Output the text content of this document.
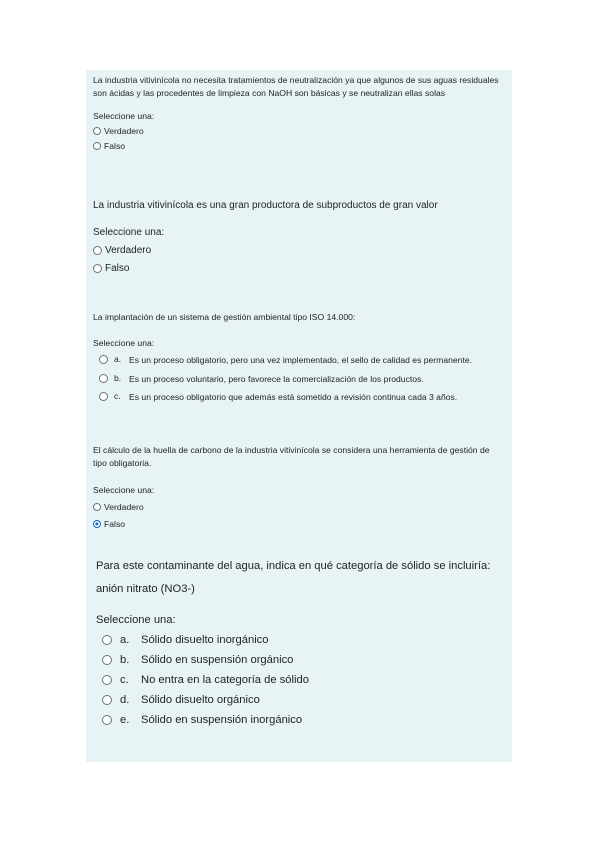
La industria vitivinícola no necesita tratamientos de neutralización ya que algunos de sus aguas residuales son ácidas y las procedentes de limpieza con NaOH son básicas y se neutralizan ellas solas

Seleccione una:

Verdadero
Falso

La industria vitivinícola es una gran productora de subproductos de gran valor

Seleccione una:

Verdadero
Falso

La implantación de un sistema de gestión ambiental tipo ISO 14.000:

Seleccione una:

a. Es un proceso obligatorio, pero una vez implementado, el sello de calidad es permanente.
b. Es un proceso voluntario, pero favorece la comercialización de los productos.
c. Es un proceso obligatorio que además está sometido a revisión continua cada 3 años.

El cálculo de la huella de carbono de la industria vitivinícola se considera una herramienta de gestión de tipo obligatoria.

Seleccione una:

Verdadero
Falso

Para este contaminante del agua, indica en qué categoría de sólido se incluiría:

anión nitrato (NO3-)

Seleccione una:

a.	Sólido disuelto inorgánico
b.	Sólido en suspensión orgánico
c.	No entra en la categoría de sólido
d.	Sólido disuelto orgánico
e.	Sólido en suspensión inorgánico
